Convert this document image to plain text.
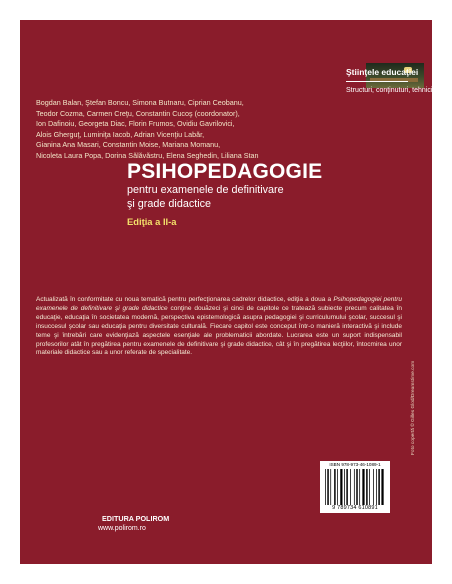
Ştiinţele educaţiei
Structuri, conţinuturi, tehnici
Bogdan Balan, Ştefan Boncu, Simona Butnaru, Ciprian Ceobanu,
Teodor Cozma, Carmen Creţu, Constantin Cucoş (coordonator),
Ion Dafinoiu, Georgeta Diac, Florin Frumos, Ovidiu Gavrilovici,
Alois Gherguţ, Luminiţa Iacob, Adrian Vicenţiu Labăr,
Gianina Ana Masari, Constantin Moise, Mariana Momanu,
Nicoleta Laura Popa, Dorina Sălăvăstru, Elena Seghedin, Liliana Stan
PSIHOPEDAGOGIE
pentru examenele de definitivare
şi grade didactice
Ediţia a II-a
Actualizată în conformitate cu noua tematică pentru perfecţionarea cadrelor didactice, ediţia a doua a Psihopedagogiei pentru examenele de definitivare şi grade didactice conţine douăzeci şi cinci de capitole ce tratează subiecte precum calitatea în educaţie, educaţia în societatea modernă, perspectiva epistemologică asupra pedagogiei şi curriculumului şcolar, succesul şi insuccesul şcolar sau educaţia pentru diversitate culturală. Fiecare capitol este conceput într-o manieră interactivă şi include teme şi întrebări care evidenţiază aspectele esenţiale ale problematicii abordate. Lucrarea este un suport indispensabil profesorilor atât în pregătirea pentru examenele de definitivare şi grade didactice, cât şi în pregătirea lecţiilor, întocmirea unor materiale didactice sau a unor referate de specialitate.
Foto copertă © Gilles Glod/Dreamstime.com
ISBN 978-973-46-1089-1
9 789734 610891
EDITURA POLIROM
www.polirom.ro
